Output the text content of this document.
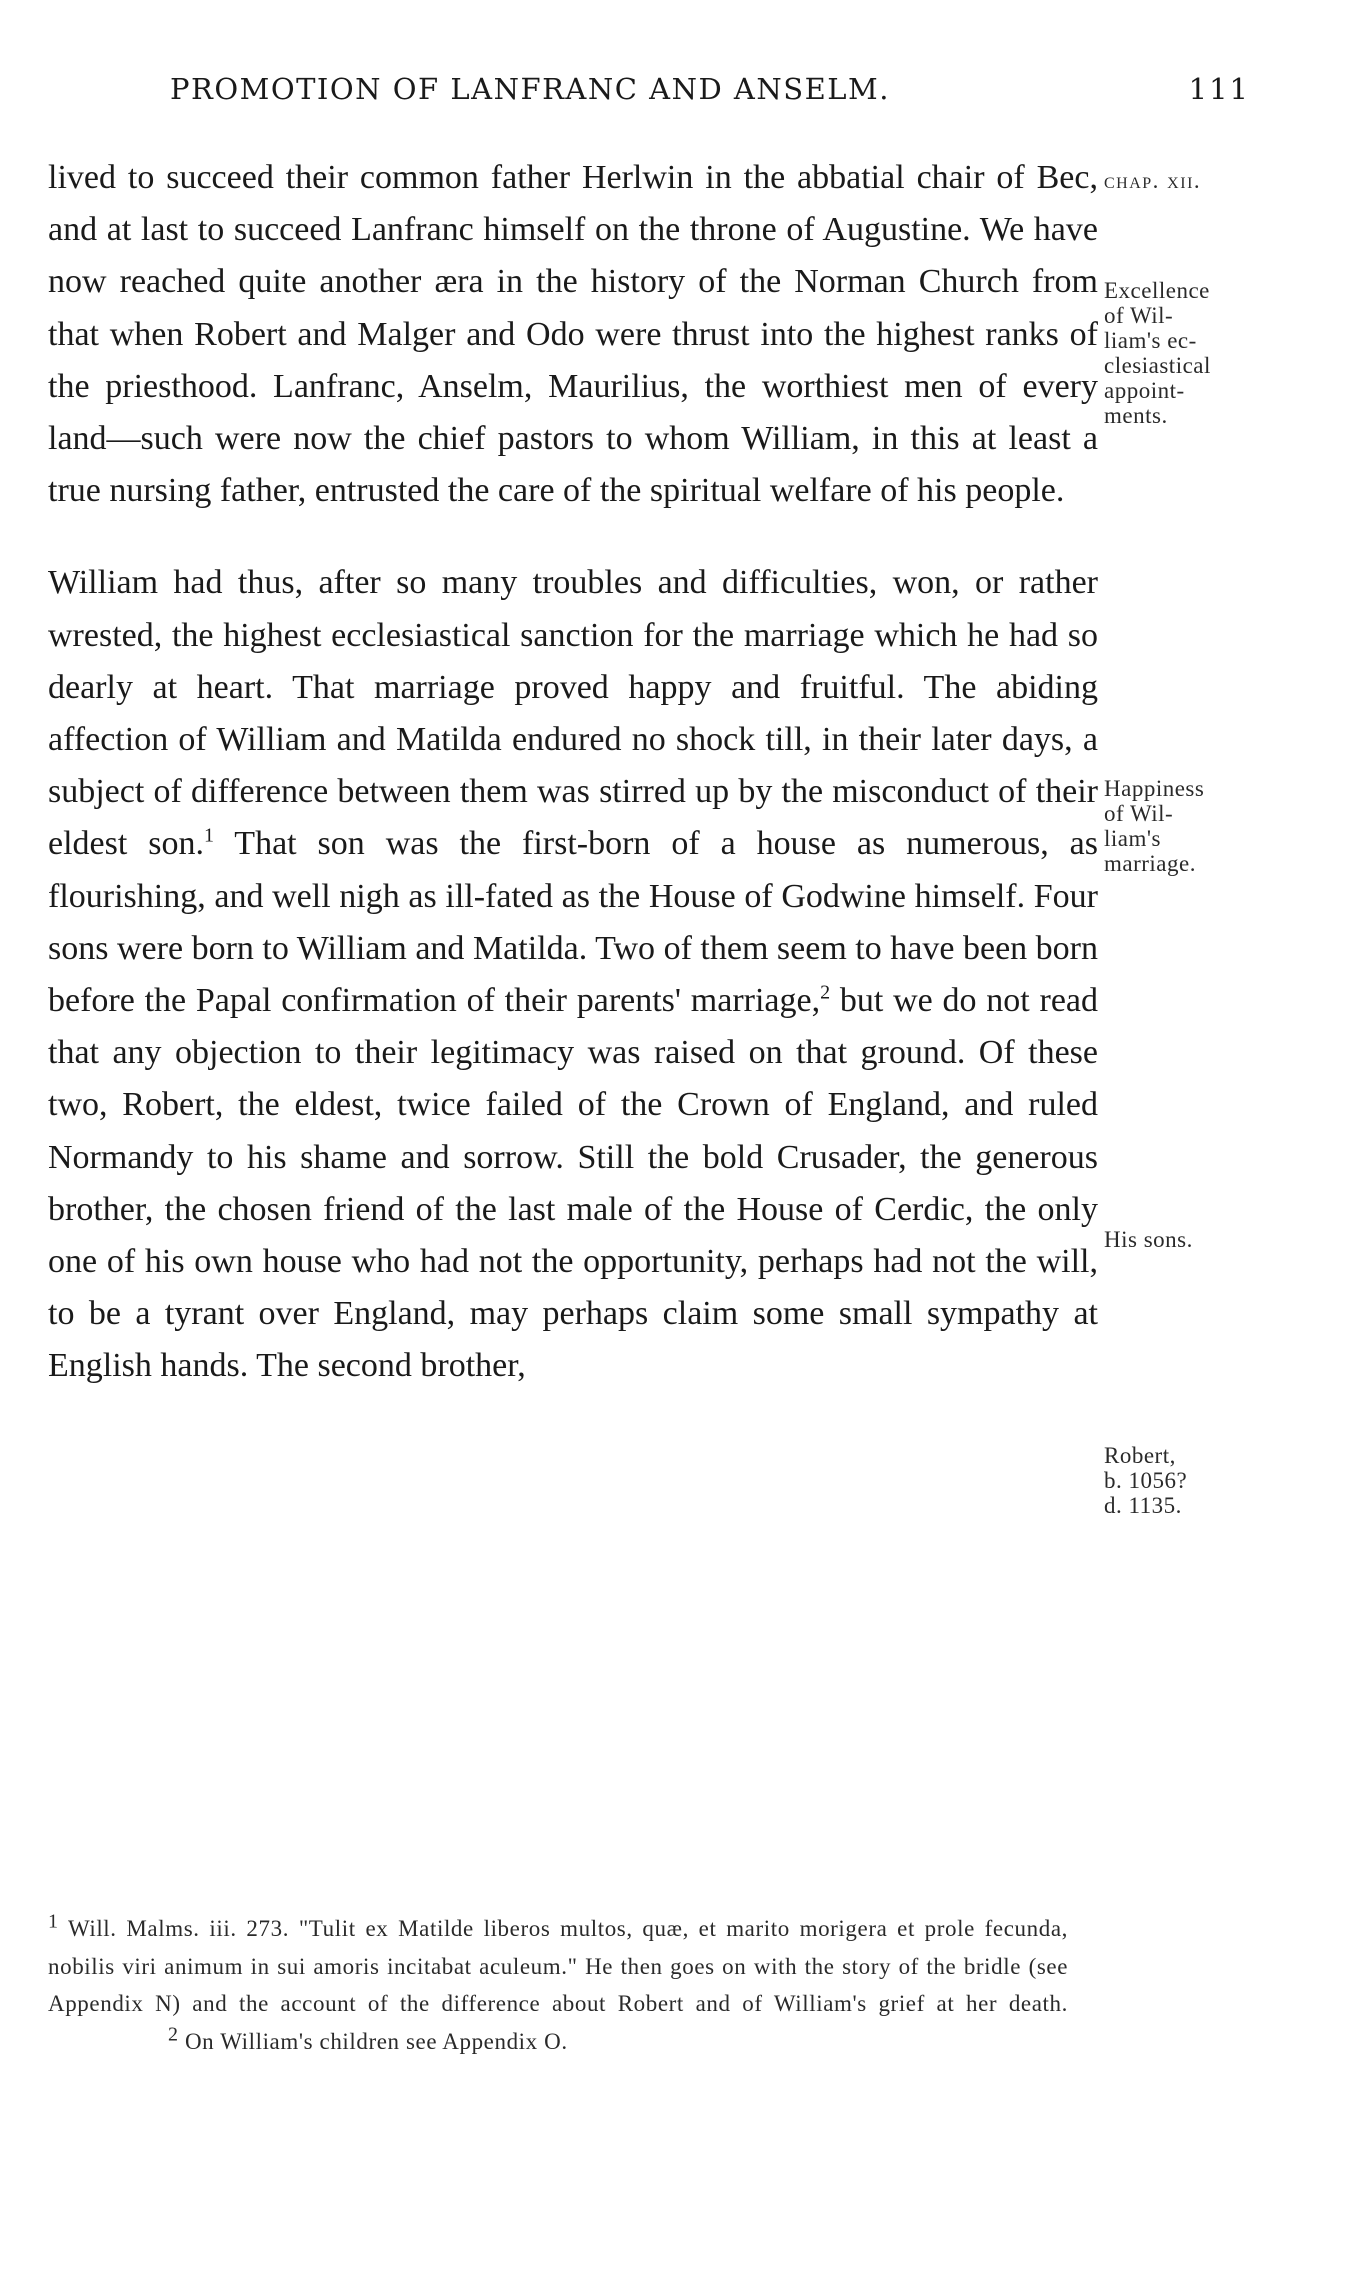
PROMOTION OF LANFRANC AND ANSELM.	111

lived to succeed their common father Herlwin in the abbatial chair of Bec, and at last to succeed Lanfranc himself on the throne of Augustine. We have now reached quite another æra in the history of the Norman Church from that when Robert and Malger and Odo were thrust into the highest ranks of the priesthood. Lanfranc, Anselm, Maurilius, the worthiest men of every land—such were now the chief pastors to whom William, in this at least a true nursing father, entrusted the care of the spiritual welfare of his people.

William had thus, after so many troubles and difficulties, won, or rather wrested, the highest ecclesiastical sanction for the marriage which he had so dearly at heart. That marriage proved happy and fruitful. The abiding affection of William and Matilda endured no shock till, in their later days, a subject of difference between them was stirred up by the misconduct of their eldest son.$^1$ That son was the first-born of a house as numerous, as flourishing, and well nigh as ill-fated as the House of Godwine himself. Four sons were born to William and Matilda. Two of them seem to have been born before the Papal confirmation of their parents' marriage,$^2$ but we do not read that any objection to their legitimacy was raised on that ground. Of these two, Robert, the eldest, twice failed of the Crown of England, and ruled Normandy to his shame and sorrow. Still the bold Crusader, the generous brother, the chosen friend of the last male of the House of Cerdic, the only one of his own house who had not the opportunity, perhaps had not the will, to be a tyrant over England, may perhaps claim some small sympathy at English hands. The second brother,

chap. xii.
Excellence
of Wil-
liam's ec-
clesiastical
appoint-
ments.
Happiness
of Wil-
liam's
marriage.
His sons.
Robert,
b. 1056?
d. 1135.

$^1$ Will. Malms. iii. 273. "Tulit ex Matilde liberos multos, quæ, et marito morigera et prole fecunda, nobilis viri animum in sui amoris incitabat aculeum." He then goes on with the story of the bridle (see Appendix N) and the account of the difference about Robert and of William's grief at her death.$^2$ On William's children see Appendix O.
